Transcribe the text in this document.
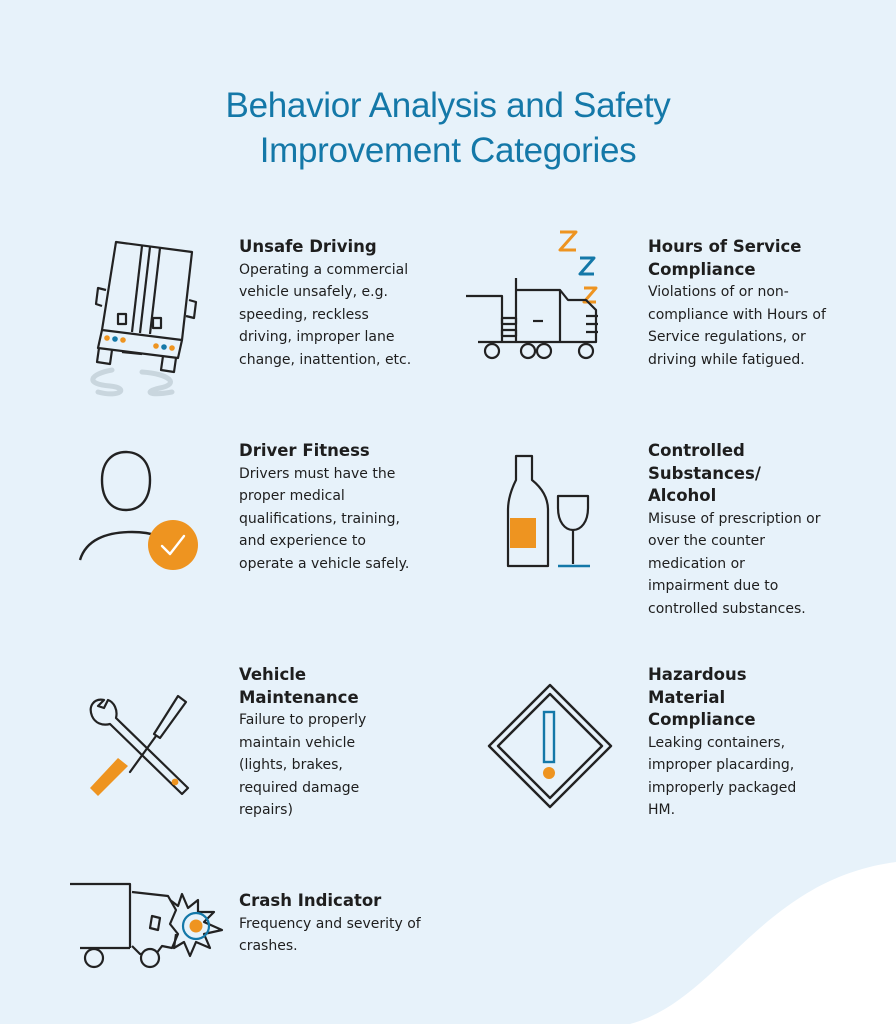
Behavior Analysis and Safety
Improvement Categories
Unsafe Driving

Operating a commercial vehicle unsafely, e.g. speeding, reckless driving, improper lane change, inattention, etc.

Hours of Service Compliance

Violations of or non-compliance with Hours of Service regulations, or driving while fatigued.

Driver Fitness

Drivers must have the proper medical qualifications, training, and experience to operate a vehicle safely.

Controlled Substances/ Alcohol

Misuse of prescription or over the counter medication or impairment due to controlled substances.

Vehicle Maintenance

Failure to properly maintain vehicle (lights, brakes, required damage repairs)

Hazardous Material Compliance

Leaking containers, improper placarding, improperly packaged HM.

Crash Indicator

Frequency and severity of crashes.
